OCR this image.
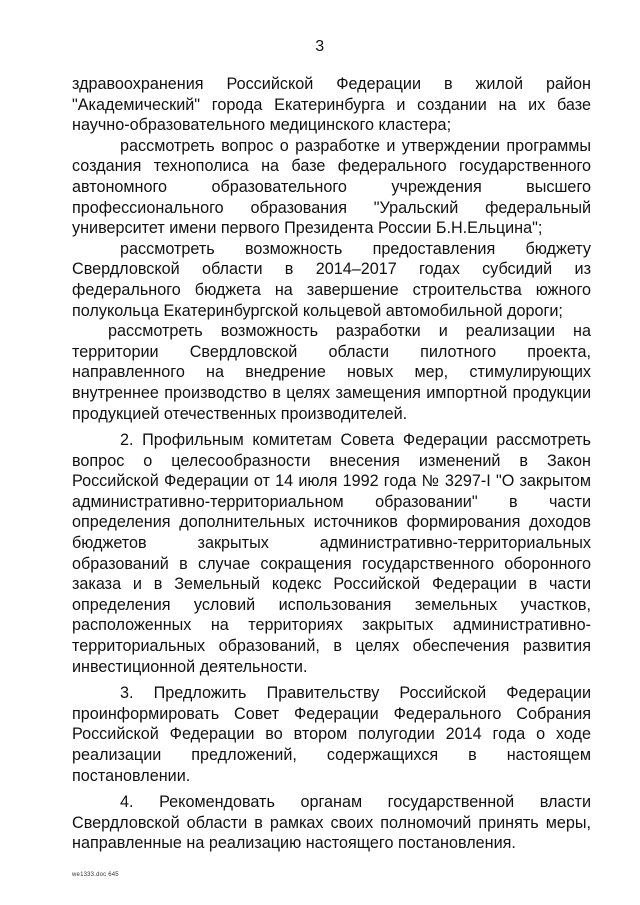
3

здравоохранения Российской Федерации в жилой район "Академический" города Екатеринбурга и создании на их базе научно-образовательного медицинского кластера;

рассмотреть вопрос о разработке и утверждении программы создания технополиса на базе федерального государственного автономного образовательного учреждения высшего профессионального образования "Уральский федеральный университет имени первого Президента России Б.Н.Ельцина";

рассмотреть возможность предоставления бюджету Свердловской области в 2014–2017 годах субсидий из федерального бюджета на завершение строительства южного полукольца Екатеринбургской кольцевой автомобильной дороги;

рассмотреть возможность разработки и реализации на территории Свердловской области пилотного проекта, направленного на внедрение новых мер, стимулирующих внутреннее производство в целях замещения импортной продукции продукцией отечественных производителей.

2. Профильным комитетам Совета Федерации рассмотреть вопрос о целесообразности внесения изменений в Закон Российской Федерации от 14 июля 1992 года № 3297-I "О закрытом административно-территориальном образовании" в части определения дополнительных источников формирования доходов бюджетов закрытых административно-территориальных образований в случае сокращения государственного оборонного заказа и в Земельный кодекс Российской Федерации в части определения условий использования земельных участков, расположенных на территориях закрытых административно-территориальных образований, в целях обеспечения развития инвестиционной деятельности.

3. Предложить Правительству Российской Федерации проинформировать Совет Федерации Федерального Собрания Российской Федерации во втором полугодии 2014 года о ходе реализации предложений, содержащихся в настоящем постановлении.

4. Рекомендовать органам государственной власти Свердловской области в рамках своих полномочий принять меры, направленные на реализацию настоящего постановления.

we1333.doc 645
